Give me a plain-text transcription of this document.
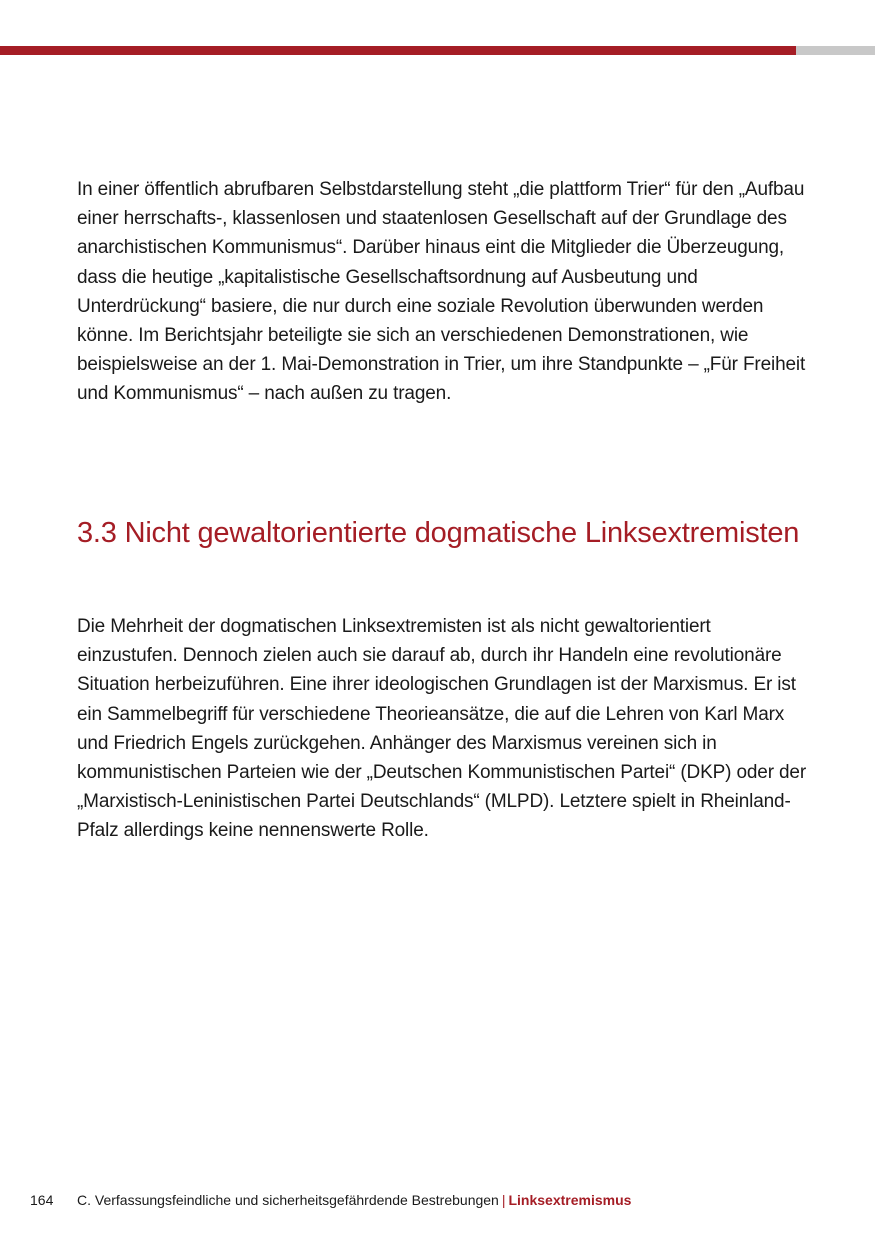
In einer öffentlich abrufbaren Selbstdarstellung steht „die plattform Trier“ für den „Aufbau einer herrschafts-, klassenlosen und staatenlosen Gesellschaft auf der Grundlage des anarchistischen Kommunismus“. Darüber hinaus eint die Mitglieder die Überzeugung, dass die heutige „kapitalistische Gesellschaftsordnung auf Ausbeutung und Unterdrückung“ basiere, die nur durch eine soziale Revolution überwunden werden könne. Im Berichtsjahr beteiligte sie sich an verschiedenen Demonstrationen, wie beispielsweise an der 1. Mai-Demonstration in Trier, um ihre Standpunkte – „Für Freiheit und Kommunismus“ – nach außen zu tragen.

3.3 Nicht gewaltorientierte dogmatische Linksextremisten

Die Mehrheit der dogmatischen Linksextremisten ist als nicht gewaltorientiert einzustufen. Dennoch zielen auch sie darauf ab, durch ihr Handeln eine revolutionäre Situation herbeizuführen. Eine ihrer ideologischen Grundlagen ist der Marxismus. Er ist ein Sammelbegriff für verschiedene Theorieansätze, die auf die Lehren von Karl Marx und Friedrich Engels zurückgehen. Anhänger des Marxismus vereinen sich in kommunistischen Parteien wie der „Deutschen Kommunistischen Partei“ (DKP) oder der „Marxistisch-Leninistischen Partei Deutschlands“ (MLPD). Letztere spielt in Rheinland-Pfalz allerdings keine nennenswerte Rolle.

164 C. Verfassungsfeindliche und sicherheitsgefährdende Bestrebungen | Linksextremismus
